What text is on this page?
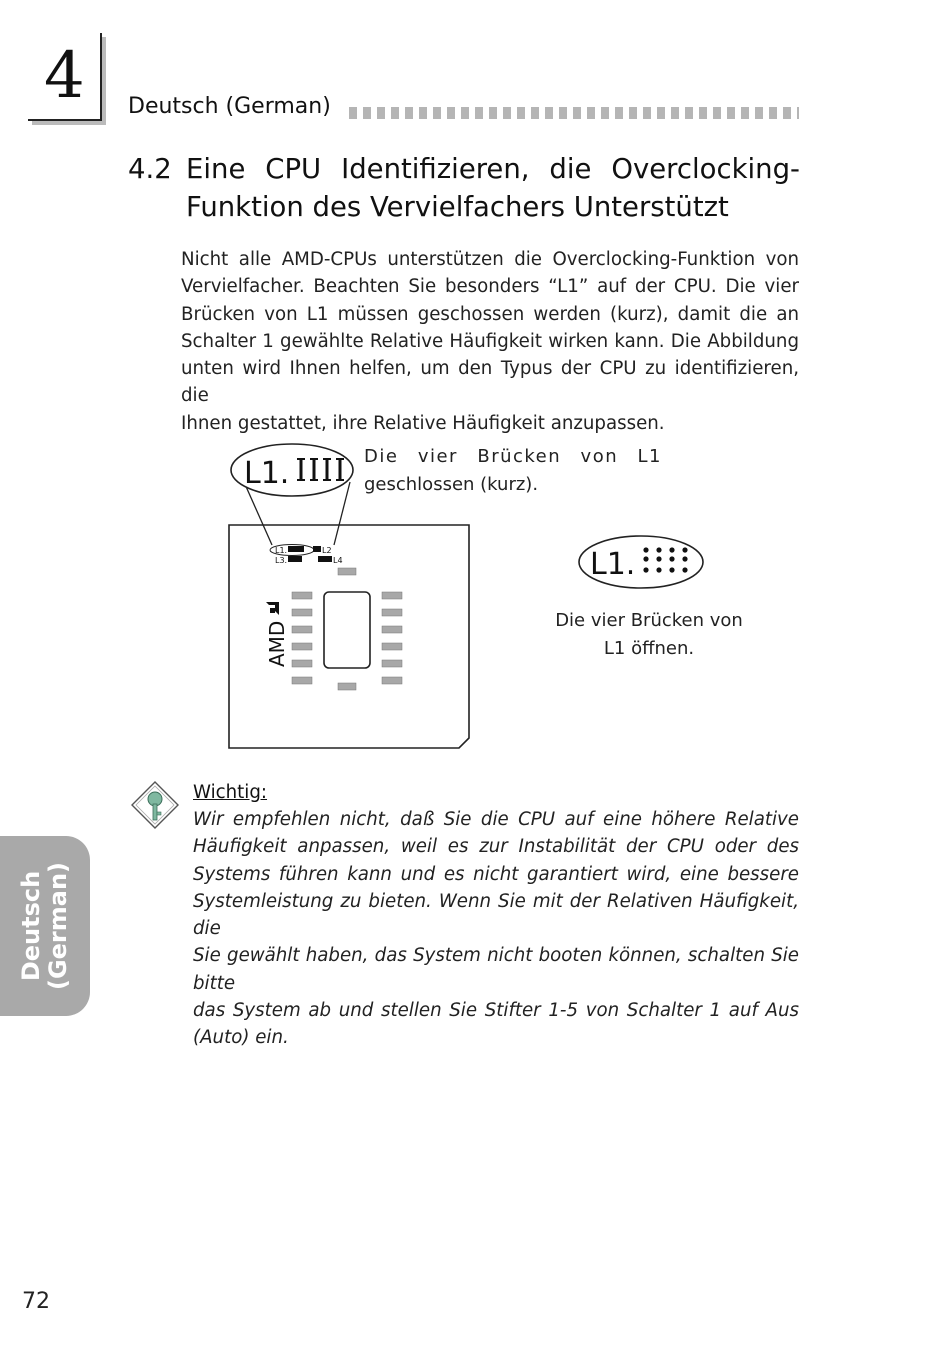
4 Deutsch (German)
4.2 Eine CPU Identifizieren, die Overclocking-
Funktion des Vervielfachers Unterstützt
Nicht alle AMD-CPUs unterstützen die Overclocking-Funktion von
Vervielfacher. Beachten Sie besonders “L1” auf der CPU. Die vier
Brücken von L1 müssen geschossen werden (kurz), damit die an
Schalter 1 gewählte Relative Häufigkeit wirken kann. Die Abbildung
unten wird Ihnen helfen, um den Typus der CPU zu identifizieren, die
Ihnen gestattet, ihre Relative Häufigkeit anzupassen.
L1.
L1.	L2
L3.	L4
AMD
Die vier Brücken von L1
geschlossen (kurz).
L1.
Die vier Brücken von
L1 öffnen.
Wichtig:
Wir empfehlen nicht, daß Sie die CPU auf eine höhere Relative
Häufigkeit anpassen, weil es zur Instabilität der CPU oder des
Systems führen kann und es nicht garantiert wird, eine bessere
Systemleistung zu bieten. Wenn Sie mit der Relativen Häufigkeit, die
Sie gewählt haben, das System nicht booten können, schalten Sie bitte
das System ab und stellen Sie Stifter 1-5 von Schalter 1 auf Aus
(Auto) ein.
Deutsch (German)
72
